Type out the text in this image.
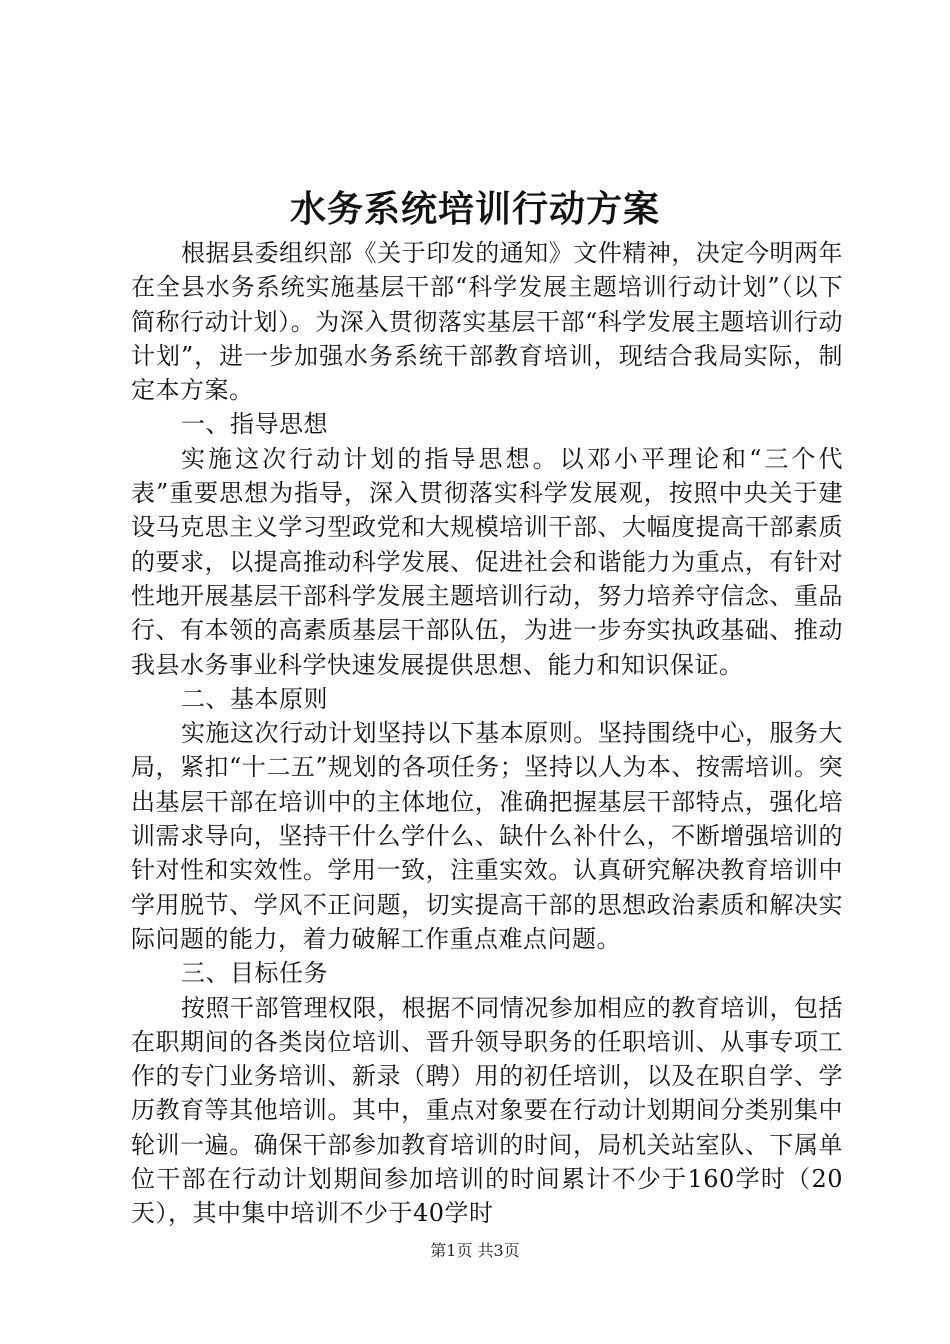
水务系统培训行动方案

根据县委组织部《关于印发的通知》文件精神，决定今明两年在全县水务系统实施基层干部“科学发展主题培训行动计划”（以下简称行动计划）。为深入贯彻落实基层干部“科学发展主题培训行动计划”，进一步加强水务系统干部教育培训，现结合我局实际，制定本方案。

一、指导思想

实施这次行动计划的指导思想。以邓小平理论和“三个代表”重要思想为指导，深入贯彻落实科学发展观，按照中央关于建设马克思主义学习型政党和大规模培训干部、大幅度提高干部素质的要求，以提高推动科学发展、促进社会和谐能力为重点，有针对性地开展基层干部科学发展主题培训行动，努力培养守信念、重品行、有本领的高素质基层干部队伍，为进一步夯实执政基础、推动我县水务事业科学快速发展提供思想、能力和知识保证。

二、基本原则

实施这次行动计划坚持以下基本原则。坚持围绕中心，服务大局，紧扣“十二五”规划的各项任务；坚持以人为本、按需培训。突出基层干部在培训中的主体地位，准确把握基层干部特点，强化培训需求导向，坚持干什么学什么、缺什么补什么，不断增强培训的针对性和实效性。学用一致，注重实效。认真研究解决教育培训中学用脱节、学风不正问题，切实提高干部的思想政治素质和解决实际问题的能力，着力破解工作重点难点问题。

三、目标任务

按照干部管理权限，根据不同情况参加相应的教育培训，包括在职期间的各类岗位培训、晋升领导职务的任职培训、从事专项工作的专门业务培训、新录（聘）用的初任培训，以及在职自学、学历教育等其他培训。其中，重点对象要在行动计划期间分类别集中轮训一遍。确保干部参加教育培训的时间，局机关站室队、下属单位干部在行动计划期间参加培训的时间累计不少于160学时（20天），其中集中培训不少于40学时

第1页 共3页
